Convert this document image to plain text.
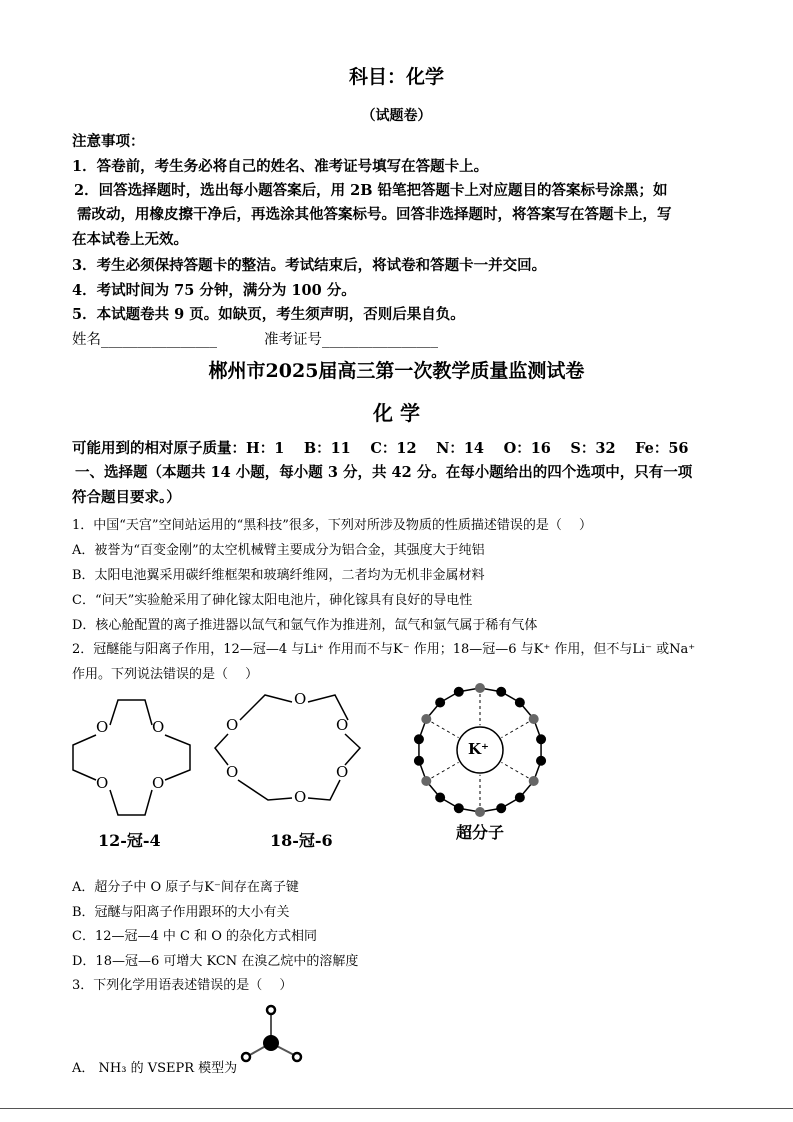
科目：化学
（试题卷）
注意事项：
1．答卷前，考生务必将自己的姓名、准考证号填写在答题卡上。
2．回答选择题时，选出每小题答案后，用 2B 铅笔把答题卡上对应题目的答案标号涂黑；如
需改动，用橡皮擦干净后，再选涂其他答案标号。回答非选择题时，将答案写在答题卡上，写
在本试卷上无效。
3．考生必须保持答题卡的整洁。考试结束后，将试卷和答题卡一并交回。
4．考试时间为 75 分钟，满分为 100 分。
5．本试题卷共 9 页。如缺页，考生须声明，否则后果自负。
姓名________________	准考证号________________
郴州市2025届高三第一次教学质量监测试卷
化 学
可能用到的相对原子质量：H：1　 B：11　 C：12　 N：14　 O：16　 S：32　 Fe：56
一、选择题（本题共 14 小题，每小题 3 分，共 42 分。在每小题给出的四个选项中，只有一项
符合题目要求。）
1．中国“天宫”空间站运用的“黑科技”很多，下列对所涉及物质的性质描述错误的是（　 ）
A．被誉为“百变金刚”的太空机械臂主要成分为铝合金，其强度大于纯铝
B．太阳电池翼采用碳纤维框架和玻璃纤维网，二者均为无机非金属材料
C．“问天”实验舱采用了砷化镓太阳电池片，砷化镓具有良好的导电性
D．核心舱配置的离子推进器以氙气和氩气作为推进剂，氙气和氩气属于稀有气体
2．冠醚能与阳离子作用，12—冠—4 与Li⁺ 作用而不与K⁻ 作用；18—冠—6 与K⁺ 作用，但不与Li⁻ 或Na⁺
作用。下列说法错误的是（　 ）
O	O
O	O
O
O	O
O	O
O
K⁺
12-冠-4	18-冠-6	超分子
A．超分子中 O 原子与K⁻间存在离子键
B．冠醚与阳离子作用跟环的大小有关
C．12—冠—4 中 C 和 O 的杂化方式相同
D．18—冠—6 可增大 KCN 在溴乙烷中的溶解度
3．下列化学用语表述错误的是（　 ）
A． NH₃ 的 VSEPR 模型为
